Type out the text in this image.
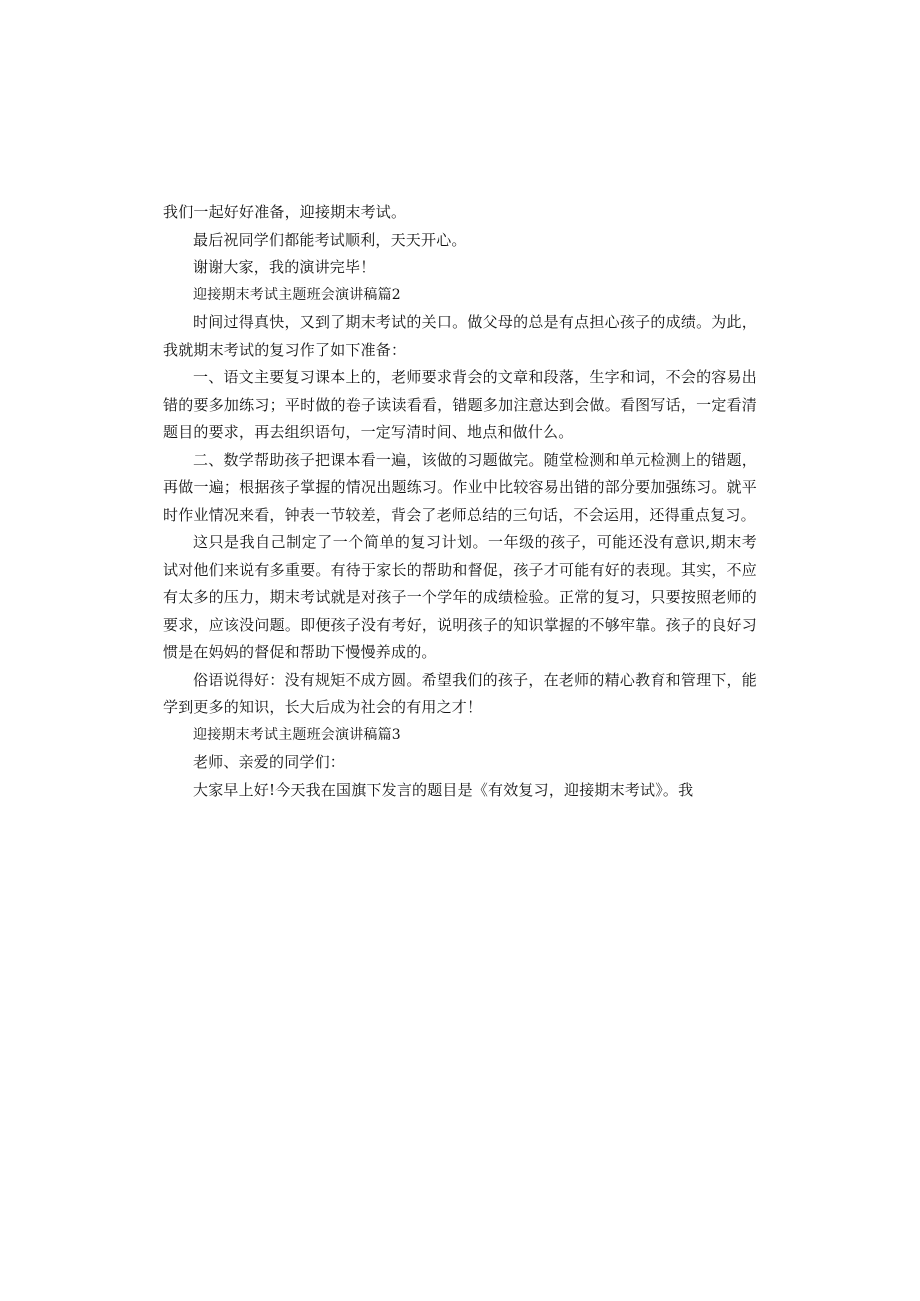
我们一起好好准备，迎接期末考试。

最后祝同学们都能考试顺利，天天开心。

谢谢大家，我的演讲完毕！

迎接期末考试主题班会演讲稿篇2

时间过得真快，又到了期末考试的关口。做父母的总是有点担心孩子的成绩。为此，我就期末考试的复习作了如下准备：

一、语文主要复习课本上的，老师要求背会的文章和段落，生字和词，不会的容易出错的要多加练习；平时做的卷子读读看看，错题多加注意达到会做。看图写话，一定看清题目的要求，再去组织语句，一定写清时间、地点和做什么。

二、数学帮助孩子把课本看一遍，该做的习题做完。随堂检测和单元检测上的错题，再做一遍；根据孩子掌握的情况出题练习。作业中比较容易出错的部分要加强练习。就平时作业情况来看，钟表一节较差，背会了老师总结的三句话，不会运用，还得重点复习。

这只是我自己制定了一个简单的复习计划。一年级的孩子，可能还没有意识,期末考试对他们来说有多重要。有待于家长的帮助和督促，孩子才可能有好的表现。其实，不应有太多的压力，期末考试就是对孩子一个学年的成绩检验。正常的复习，只要按照老师的要求，应该没问题。即便孩子没有考好，说明孩子的知识掌握的不够牢靠。孩子的良好习惯是在妈妈的督促和帮助下慢慢养成的。

俗语说得好：没有规矩不成方圆。希望我们的孩子，在老师的精心教育和管理下，能学到更多的知识，长大后成为社会的有用之才！

迎接期末考试主题班会演讲稿篇3

老师、亲爱的同学们：

大家早上好!今天我在国旗下发言的题目是《有效复习，迎接期末考试》。我
